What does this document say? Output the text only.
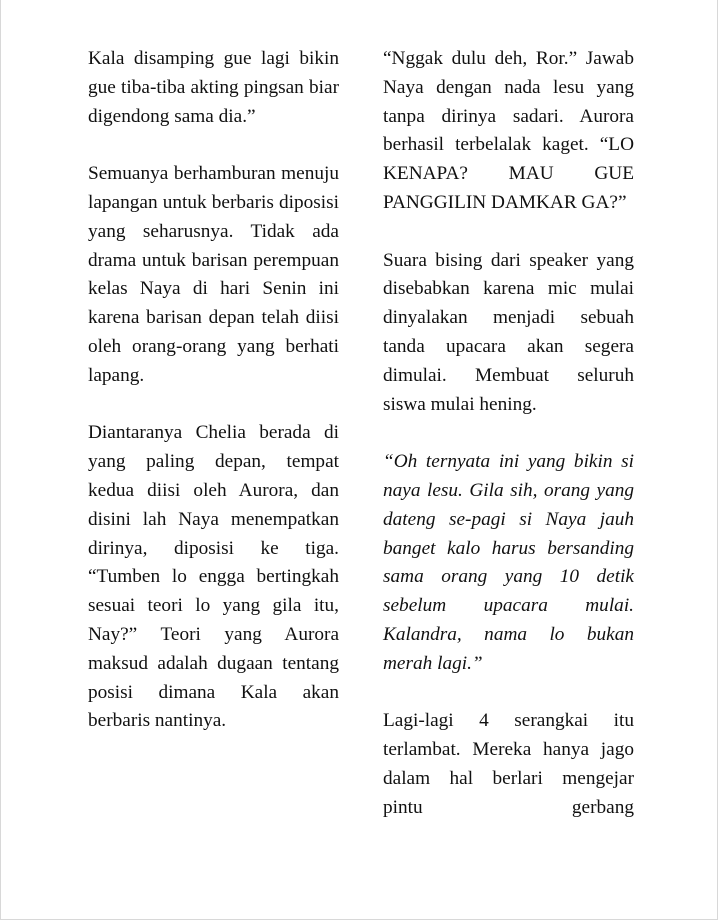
Kala disamping gue lagi bikin gue tiba-tiba akting pingsan biar digendong sama dia.”

Semuanya berhamburan menuju lapangan untuk berbaris diposisi yang seharusnya. Tidak ada drama untuk barisan perempuan kelas Naya di hari Senin ini karena barisan depan telah diisi oleh orang-orang yang berhati lapang.

Diantaranya Chelia berada di yang paling depan, tempat kedua diisi oleh Aurora, dan disini lah Naya menempatkan dirinya, diposisi ke tiga. “Tumben lo engga bertingkah sesuai teori lo yang gila itu, Nay?” Teori yang Aurora maksud adalah dugaan tentang posisi dimana Kala akan berbaris nantinya.

“Nggak dulu deh, Ror.” Jawab Naya dengan nada lesu yang tanpa dirinya sadari. Aurora berhasil terbelalak kaget. “LO KENAPA? MAU GUE PANGGILIN DAMKAR GA?”

Suara bising dari speaker yang disebabkan karena mic mulai dinyalakan menjadi sebuah tanda upacara akan segera dimulai. Membuat seluruh siswa mulai hening.

“Oh ternyata ini yang bikin si naya lesu. Gila sih, orang yang dateng se-pagi si Naya jauh banget kalo harus bersanding sama orang yang 10 detik sebelum upacara mulai. Kalandra, nama lo bukan merah lagi.”

Lagi-lagi 4 serangkai itu terlambat. Mereka hanya jago dalam hal berlari mengejar pintu gerbang
